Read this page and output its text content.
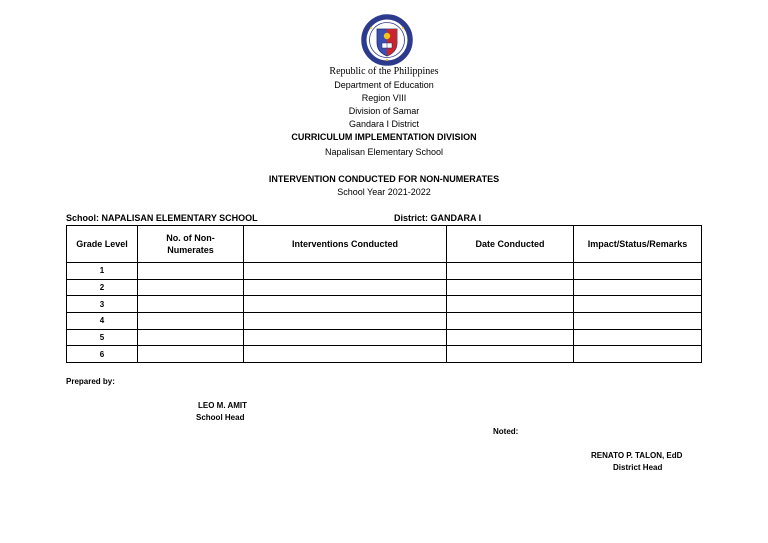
Republic of the Philippines
Department of Education
Region VIII
Division of Samar
Gandara I District
CURRICULUM IMPLEMENTATION DIVISION
Napalisan Elementary School
INTERVENTION CONDUCTED FOR NON-NUMERATES
School Year 2021-2022
School: NAPALISAN ELEMENTARY SCHOOL	District: GANDARA I
Grade Level	No. of Non-Numerates	Interventions Conducted	Date Conducted	Impact/Status/Remarks
1				
2				
3				
4				
5				
6				
Prepared by:
LEO M. AMIT
School Head
Noted:
RENATO P. TALON, EdD
District Head
